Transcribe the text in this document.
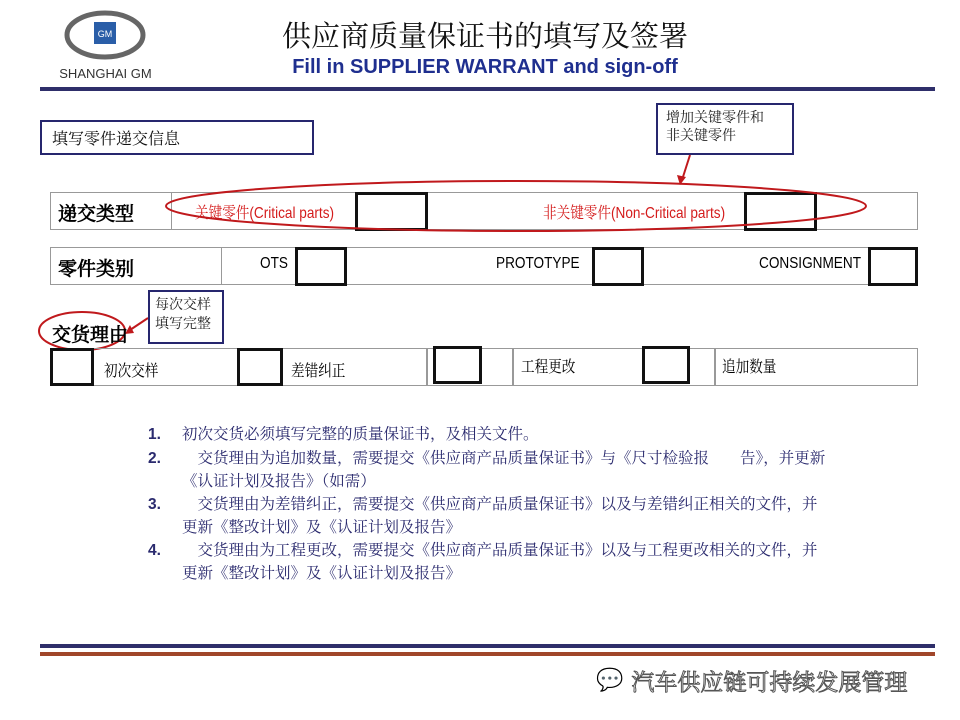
GM
SHANGHAI GM
供应商质量保证书的填写及签署
Fill in SUPPLIER WARRANT and sign-off
填写零件递交信息
增加关键零件和
非关键零件
递交类型	关键零件(Critical parts)	非关键零件(Non-Critical parts)
零件类别	OTS	PROTOTYPE	CONSIGNMENT
交货理由
每次交样
填写完整
初次交样	差错纠正	工程更改	追加数量
1. 初次交货必须填写完整的质量保证书，及相关文件。
2.　交货理由为追加数量，需要提交《供应商产品质量保证书》与《尺寸检验报　　告》，并更新《认证计划及报告》（如需）
3.　交货理由为差错纠正，需要提交《供应商产品质量保证书》以及与差错纠正相关的文件，并更新《整改计划》及《认证计划及报告》
4.　交货理由为工程更改，需要提交《供应商产品质量保证书》以及与工程更改相关的文件，并更新《整改计划》及《认证计划及报告》
💬 汽车供应链可持续发展管理
